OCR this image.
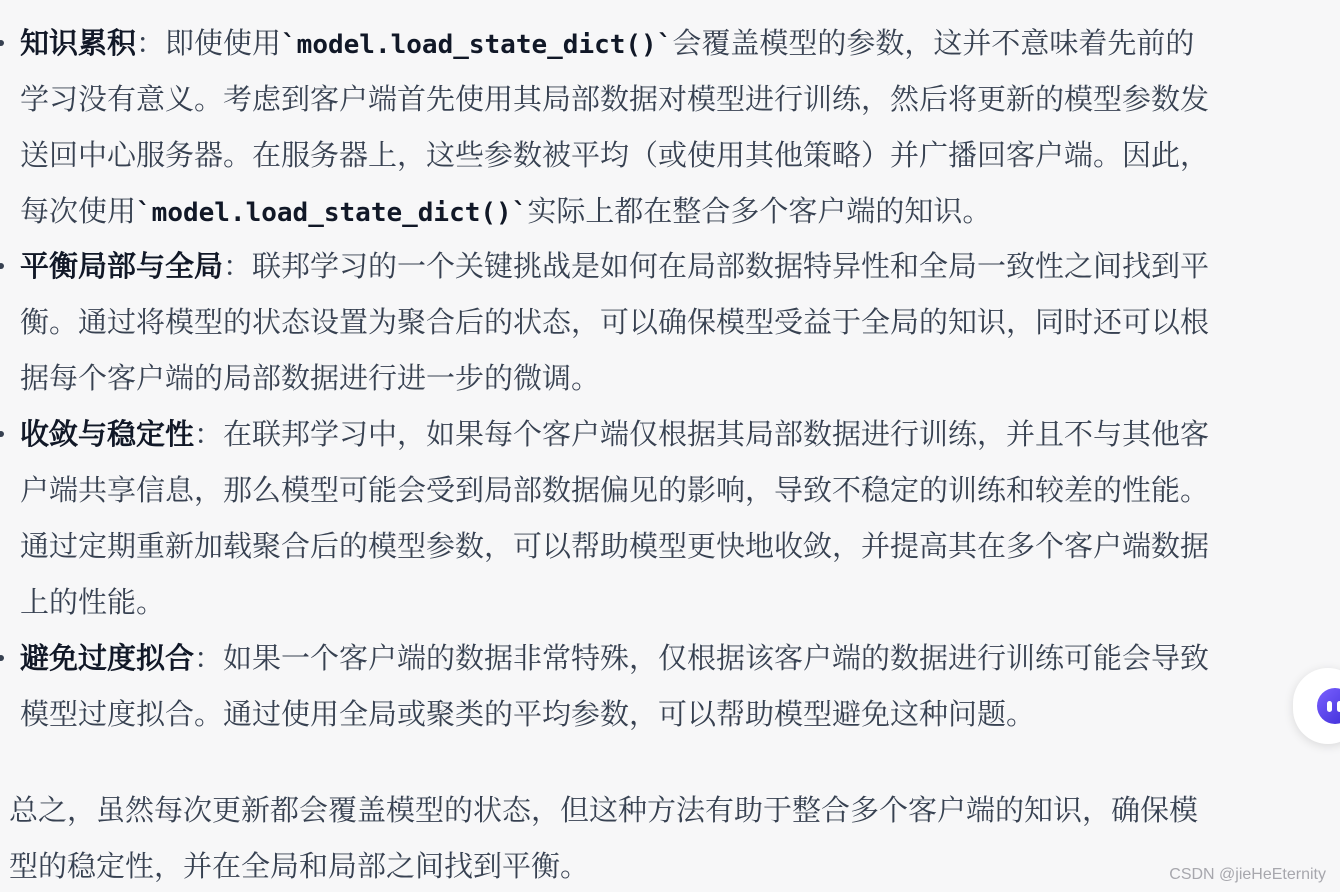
知识累积：即使使用`model.load_state_dict()`会覆盖模型的参数，这并不意味着先前的
学习没有意义。考虑到客户端首先使用其局部数据对模型进行训练，然后将更新的模型参数发
送回中心服务器。在服务器上，这些参数被平均（或使用其他策略）并广播回客户端。因此，
每次使用`model.load_state_dict()`实际上都在整合多个客户端的知识。
平衡局部与全局：联邦学习的一个关键挑战是如何在局部数据特异性和全局一致性之间找到平
衡。通过将模型的状态设置为聚合后的状态，可以确保模型受益于全局的知识，同时还可以根
据每个客户端的局部数据进行进一步的微调。
收敛与稳定性：在联邦学习中，如果每个客户端仅根据其局部数据进行训练，并且不与其他客
户端共享信息，那么模型可能会受到局部数据偏见的影响，导致不稳定的训练和较差的性能。
通过定期重新加载聚合后的模型参数，可以帮助模型更快地收敛，并提高其在多个客户端数据
上的性能。
避免过度拟合：如果一个客户端的数据非常特殊，仅根据该客户端的数据进行训练可能会导致
模型过度拟合。通过使用全局或聚类的平均参数，可以帮助模型避免这种问题。
总之，虽然每次更新都会覆盖模型的状态，但这种方法有助于整合多个客户端的知识，确保模
型的稳定性，并在全局和局部之间找到平衡。	CSDN @jieHeEternity
